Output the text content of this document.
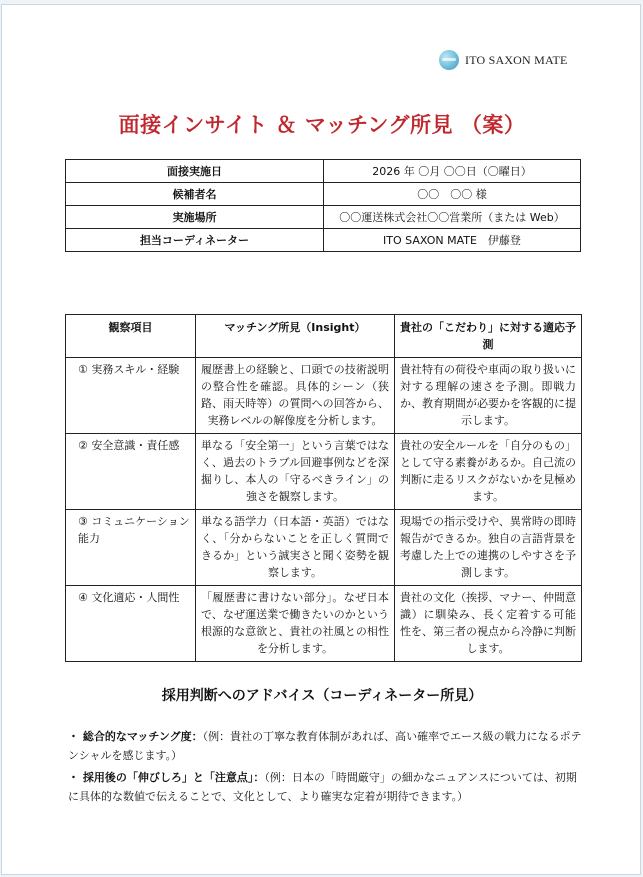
ITO SAXON MATE
面接インサイト ＆ マッチング所見 （案）
面接実施日	2026 年 〇月 〇〇日（〇曜日）
候補者名	〇〇　〇〇 様
実施場所	〇〇運送株式会社〇〇営業所（または Web）
担当コーディネーター	ITO SAXON MATE　伊藤登
観察項目	マッチング所見（Insight）	貴社の「こだわり」に対する適応予測
① 実務スキル・経験	履歴書上の経験と、口頭での技術説明の整合性を確認。具体的シーン（狭路、雨天時等）の質問への回答から、実務レベルの解像度を分析します。	貴社特有の荷役や車両の取り扱いに対する理解の速さを予測。即戦力か、教育期間が必要かを客観的に提示します。
② 安全意識・責任感	単なる「安全第一」という言葉ではなく、過去のトラブル回避事例などを深掘りし、本人の「守るべきライン」の強さを観察します。	貴社の安全ルールを「自分のもの」として守る素養があるか。自己流の判断に走るリスクがないかを見極めます。
③ コミュニケーション能力	単なる語学力（日本語・英語）ではなく、「分からないことを正しく質問できるか」という誠実さと聞く姿勢を観察します。	現場での指示受けや、異常時の即時報告ができるか。独自の言語背景を考慮した上での連携のしやすさを予測します。
④ 文化適応・人間性	「履歴書に書けない部分」。なぜ日本で、なぜ運送業で働きたいのかという根源的な意欲と、貴社の社風との相性を分析します。	貴社の文化（挨拶、マナー、仲間意識）に馴染み、長く定着する可能性を、第三者の視点から冷静に判断します。
採用判断へのアドバイス（コーディネーター所見）
・ 総合的なマッチング度：（例：貴社の丁寧な教育体制があれば、高い確率でエース級の戦力になるポテンシャルを感じます。）
・ 採用後の「伸びしろ」と「注意点」：（例：日本の「時間厳守」の細かなニュアンスについては、初期に具体的な数値で伝えることで、文化として、より確実な定着が期待できます。）
